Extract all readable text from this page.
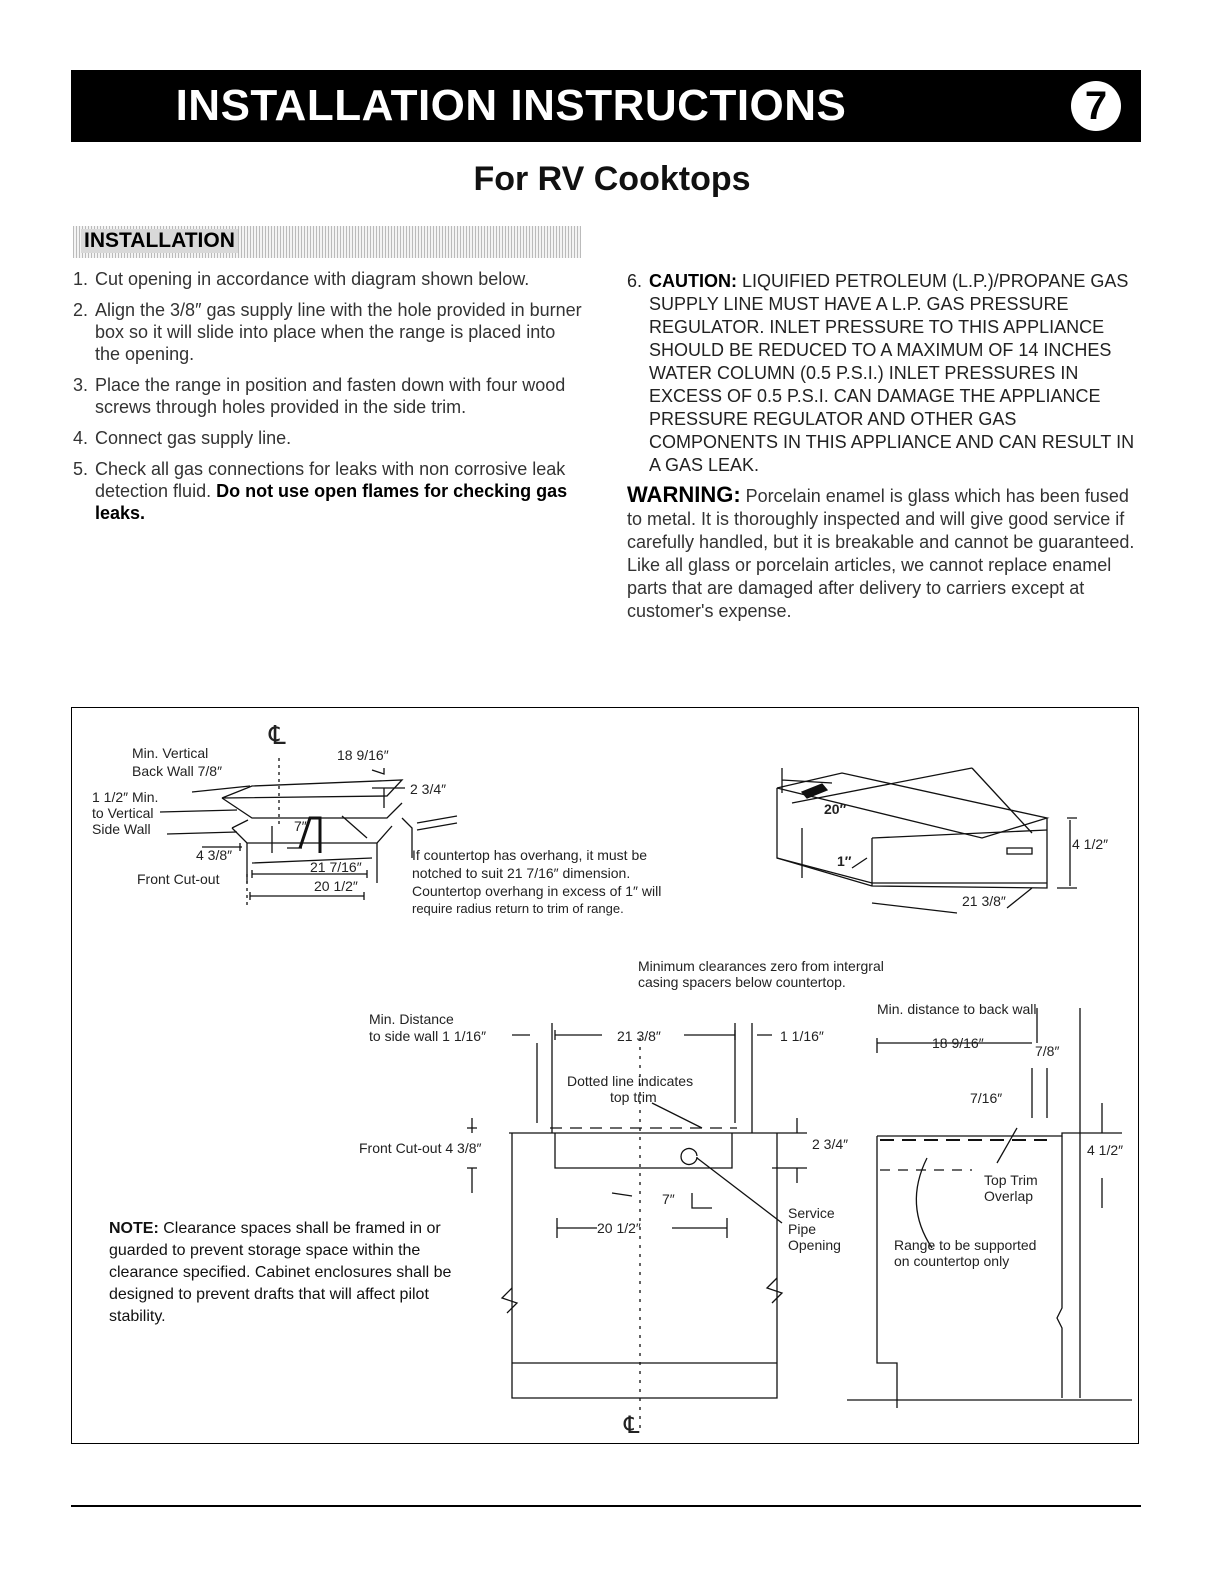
INSTALLATION INSTRUCTIONS	7
For RV Cooktops
INSTALLATION
1. Cut opening in accordance with diagram shown below.
2. Align the 3/8″ gas supply line with the hole provided in burner box so it will slide into place when the range is placed into the opening.
3. Place the range in position and fasten down with four wood screws through holes provided in the side trim.
4. Connect gas supply line.
5. Check all gas connections for leaks with non corrosive leak detection fluid. Do not use open flames for checking gas leaks.
6. CAUTION: LIQUIFIED PETROLEUM (L.P.)/PROPANE GAS SUPPLY LINE MUST HAVE A L.P. GAS PRESSURE REGULATOR. INLET PRESSURE TO THIS APPLIANCE SHOULD BE REDUCED TO A MAXIMUM OF 14 INCHES WATER COLUMN (0.5 P.S.I.) INLET PRESSURES IN EXCESS OF 0.5 P.S.I. CAN DAMAGE THE APPLIANCE PRESSURE REGULATOR AND OTHER GAS COMPONENTS IN THIS APPLIANCE AND CAN RESULT IN A GAS LEAK.
WARNING: Porcelain enamel is glass which has been fused to metal. It is thoroughly inspected and will give good service if carefully handled, but it is breakable and cannot be guaranteed. Like all glass or porcelain articles, we cannot replace enamel parts that are damaged after delivery to carriers except at customer's expense.
Min. Vertical
Back Wall 7/8″
1 1/2″ Min.
to Vertical
Side Wall
4 3/8″
Front Cut-out
18 9/16″
2 3/4″
7″
21 7/16″
20 1/2″
℄
If countertop has overhang, it must be
notched to suit 21 7/16″ dimension.
Countertop overhang in excess of 1″ will
require radius return to trim of range.
20″
1″
4 1/2″
21 3/8″
Minimum clearances zero from intergral
casing spacers below countertop.
Min. Distance
to side wall 1 1/16″	21 3/8″	1 1/16″
Dotted line indicates
top trim
Front Cut-out 4 3/8″	2 3/4″
7″
20 1/2″
Service
Pipe
Opening
℄
Min. distance to back wall
18 9/16″	7/8″
7/16″
4 1/2″
Top Trim
Overlap
Range to be supported
on countertop only
NOTE: Clearance spaces shall be framed in or guarded to prevent storage space within the clearance specified. Cabinet enclosures shall be designed to prevent drafts that will affect pilot stability.
